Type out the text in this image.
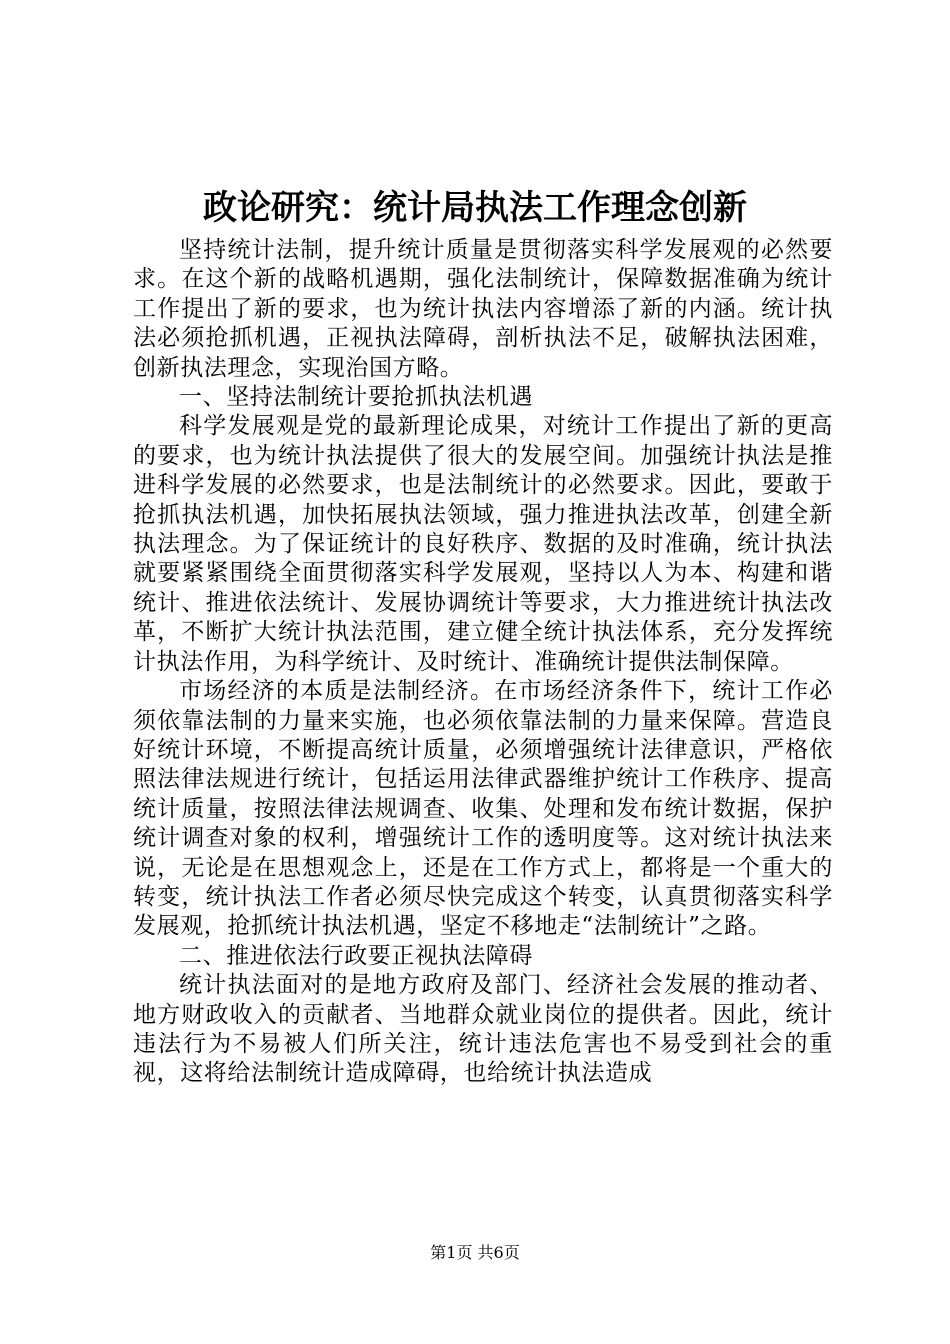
政论研究：统计局执法工作理念创新

坚持统计法制，提升统计质量是贯彻落实科学发展观的必然要求。在这个新的战略机遇期，强化法制统计，保障数据准确为统计工作提出了新的要求，也为统计执法内容增添了新的内涵。统计执法必须抢抓机遇，正视执法障碍，剖析执法不足，破解执法困难，创新执法理念，实现治国方略。

一、坚持法制统计要抢抓执法机遇

科学发展观是党的最新理论成果，对统计工作提出了新的更高的要求，也为统计执法提供了很大的发展空间。加强统计执法是推进科学发展的必然要求，也是法制统计的必然要求。因此，要敢于抢抓执法机遇，加快拓展执法领域，强力推进执法改革，创建全新执法理念。为了保证统计的良好秩序、数据的及时准确，统计执法就要紧紧围绕全面贯彻落实科学发展观，坚持以人为本、构建和谐统计、推进依法统计、发展协调统计等要求，大力推进统计执法改革，不断扩大统计执法范围，建立健全统计执法体系，充分发挥统计执法作用，为科学统计、及时统计、准确统计提供法制保障。

市场经济的本质是法制经济。在市场经济条件下，统计工作必须依靠法制的力量来实施，也必须依靠法制的力量来保障。营造良好统计环境，不断提高统计质量，必须增强统计法律意识，严格依照法律法规进行统计，包括运用法律武器维护统计工作秩序、提高统计质量，按照法律法规调查、收集、处理和发布统计数据，保护统计调查对象的权利，增强统计工作的透明度等。这对统计执法来说，无论是在思想观念上，还是在工作方式上，都将是一个重大的转变，统计执法工作者必须尽快完成这个转变，认真贯彻落实科学发展观，抢抓统计执法机遇，坚定不移地走“法制统计”之路。

二、推进依法行政要正视执法障碍

统计执法面对的是地方政府及部门、经济社会发展的推动者、地方财政收入的贡献者、当地群众就业岗位的提供者。因此，统计违法行为不易被人们所关注，统计违法危害也不易受到社会的重视，这将给法制统计造成障碍，也给统计执法造成

第1页 共6页
